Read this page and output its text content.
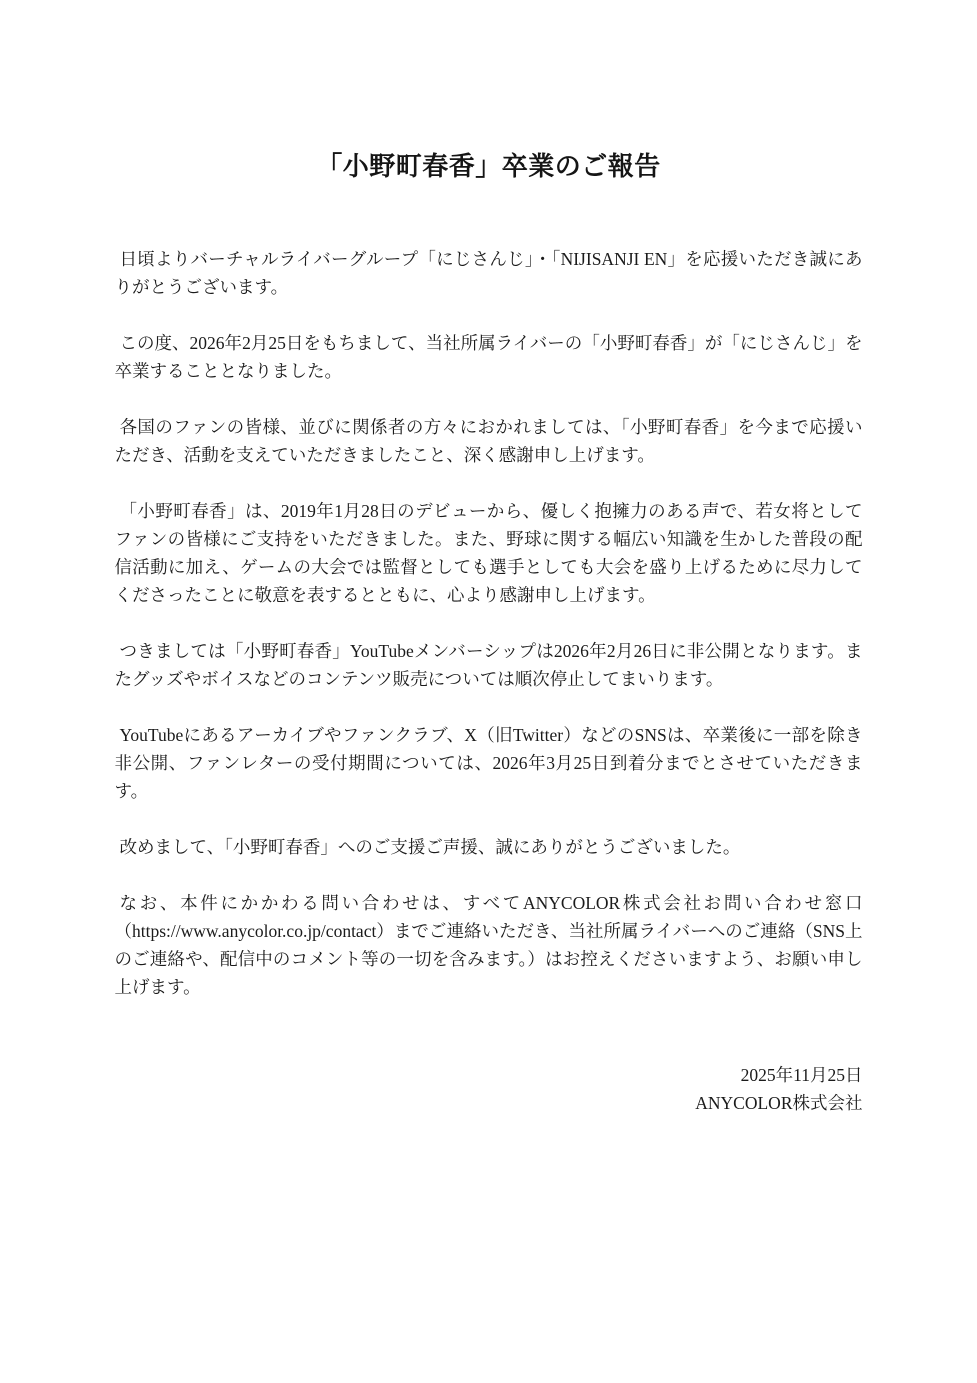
「小野町春香」卒業のご報告

日頃よりバーチャルライバーグループ「にじさんじ」・「NIJISANJI EN」を応援いただき誠にありがとうございます。

この度、2026年2月25日をもちまして、当社所属ライバーの「小野町春香」が「にじさんじ」を卒業することとなりました。

各国のファンの皆様、並びに関係者の方々におかれましては、「小野町春香」を今まで応援いただき、活動を支えていただきましたこと、深く感謝申し上げます。

「小野町春香」は、2019年1月28日のデビューから、優しく抱擁力のある声で、若女将としてファンの皆様にご支持をいただきました。また、野球に関する幅広い知識を生かした普段の配信活動に加え、ゲームの大会では監督としても選手としても大会を盛り上げるために尽力してくださったことに敬意を表するとともに、心より感謝申し上げます。

つきましては「小野町春香」YouTubeメンバーシップは2026年2月26日に非公開となります。またグッズやボイスなどのコンテンツ販売については順次停止してまいります。

YouTubeにあるアーカイブやファンクラブ、X（旧Twitter）などのSNSは、卒業後に一部を除き非公開、ファンレターの受付期間については、2026年3月25日到着分までとさせていただきます。

改めまして、「小野町春香」へのご支援ご声援、誠にありがとうございました。

なお、本件にかかわる問い合わせは、すべてANYCOLOR株式会社お問い合わせ窓口（https://www.anycolor.co.jp/contact）までご連絡いただき、当社所属ライバーへのご連絡（SNS上のご連絡や、配信中のコメント等の一切を含みます。）はお控えくださいますよう、お願い申し上げます。

2025年11月25日
ANYCOLOR株式会社
